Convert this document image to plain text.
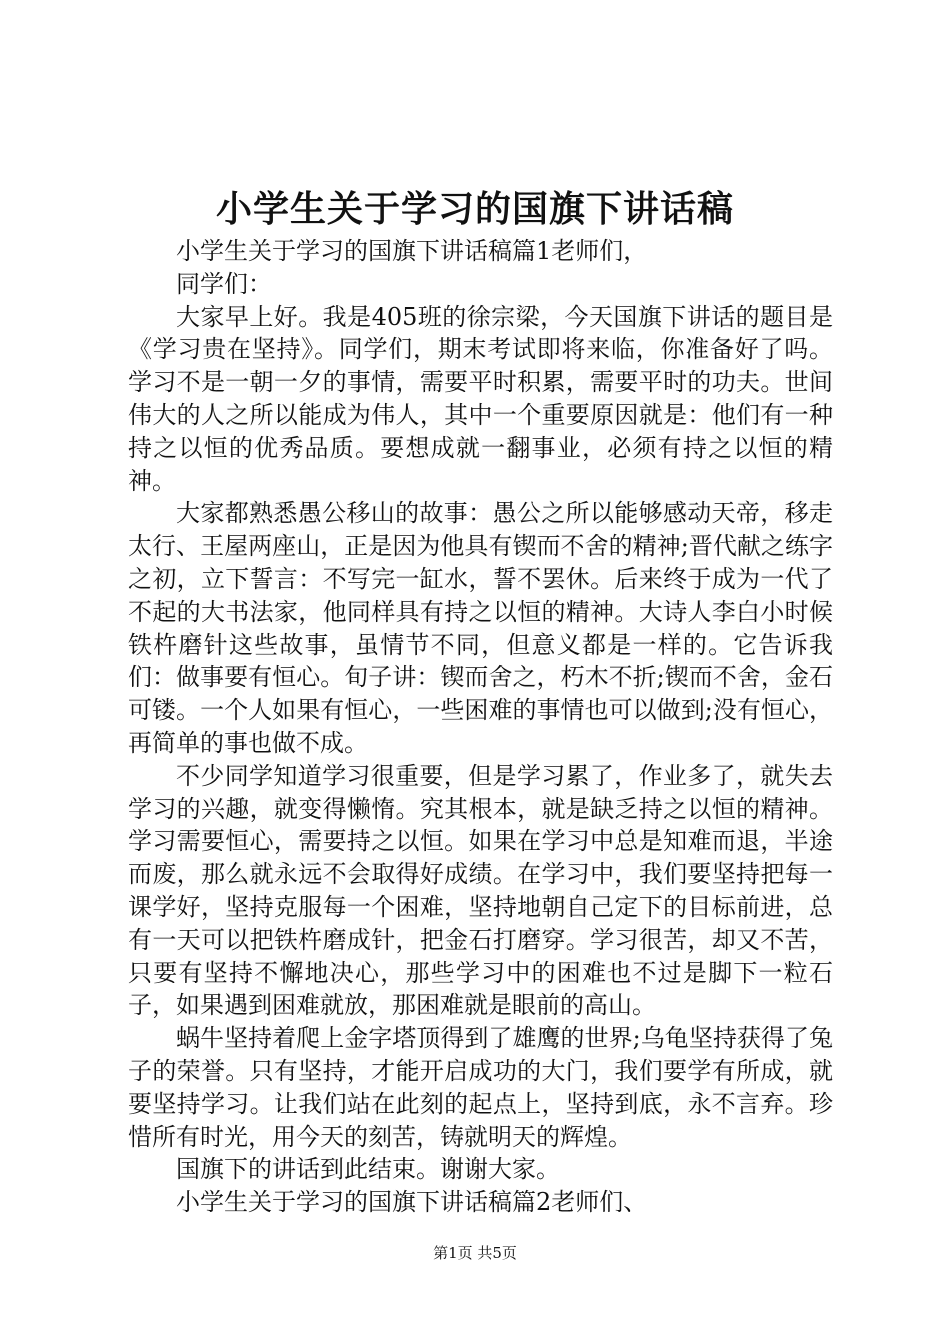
小学生关于学习的国旗下讲话稿

小学生关于学习的国旗下讲话稿篇1老师们，

同学们：

大家早上好。我是405班的徐宗梁，今天国旗下讲话的题目是《学习贵在坚持》。同学们，期末考试即将来临，你准备好了吗。学习不是一朝一夕的事情，需要平时积累，需要平时的功夫。世间伟大的人之所以能成为伟人，其中一个重要原因就是：他们有一种持之以恒的优秀品质。要想成就一翻事业，必须有持之以恒的精神。

大家都熟悉愚公移山的故事：愚公之所以能够感动天帝，移走太行、王屋两座山，正是因为他具有锲而不舍的精神;晋代献之练字之初，立下誓言：不写完一缸水，誓不罢休。后来终于成为一代了不起的大书法家，他同样具有持之以恒的精神。大诗人李白小时候铁杵磨针这些故事，虽情节不同，但意义都是一样的。它告诉我们：做事要有恒心。旬子讲：锲而舍之，朽木不折;锲而不舍，金石可镂。一个人如果有恒心，一些困难的事情也可以做到;没有恒心，再简单的事也做不成。

不少同学知道学习很重要，但是学习累了，作业多了，就失去学习的兴趣，就变得懒惰。究其根本，就是缺乏持之以恒的精神。学习需要恒心，需要持之以恒。如果在学习中总是知难而退，半途而废，那么就永远不会取得好成绩。在学习中，我们要坚持把每一课学好，坚持克服每一个困难，坚持地朝自己定下的目标前进，总有一天可以把铁杵磨成针，把金石打磨穿。学习很苦，却又不苦，只要有坚持不懈地决心，那些学习中的困难也不过是脚下一粒石子，如果遇到困难就放，那困难就是眼前的高山。

蜗牛坚持着爬上金字塔顶得到了雄鹰的世界;乌龟坚持获得了兔子的荣誉。只有坚持，才能开启成功的大门，我们要学有所成，就要坚持学习。让我们站在此刻的起点上，坚持到底，永不言弃。珍惜所有时光，用今天的刻苦，铸就明天的辉煌。

国旗下的讲话到此结束。谢谢大家。

小学生关于学习的国旗下讲话稿篇2老师们、

第1页 共5页
